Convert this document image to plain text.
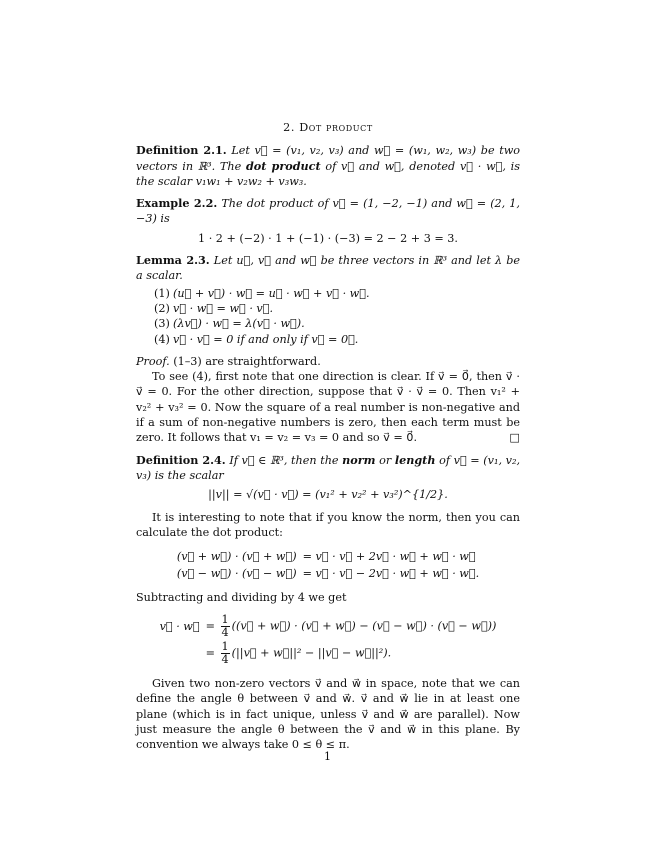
2. Dot product
Definition 2.1. Let v⃗ = (v₁, v₂, v₃) and w⃗ = (w₁, w₂, w₃) be two vectors in ℝ³. The dot product of v⃗ and w⃗, denoted v⃗ · w⃗, is the scalar v₁w₁ + v₂w₂ + v₃w₃.
Example 2.2. The dot product of v⃗ = (1, −2, −1) and w⃗ = (2, 1, −3) is
1 · 2 + (−2) · 1 + (−1) · (−3) = 2 − 2 + 3 = 3.
Lemma 2.3. Let u⃗, v⃗ and w⃗ be three vectors in ℝ³ and let λ be a scalar.
(1) (u⃗ + v⃗) · w⃗ = u⃗ · w⃗ + v⃗ · w⃗.
(2) v⃗ · w⃗ = w⃗ · v⃗.
(3) (λv⃗) · w⃗ = λ(v⃗ · w⃗).
(4) v⃗ · v⃗ = 0 if and only if v⃗ = 0⃗.
Proof. (1–3) are straightforward.
To see (4), first note that one direction is clear. If v⃗ = 0⃗, then v⃗ · v⃗ = 0. For the other direction, suppose that v⃗ · v⃗ = 0. Then v₁² + v₂² + v₃² = 0. Now the square of a real number is non-negative and if a sum of non-negative numbers is zero, then each term must be zero. It follows that v₁ = v₂ = v₃ = 0 and so v⃗ = 0⃗.	□
Definition 2.4. If v⃗ ∈ ℝ³, then the norm or length of v⃗ = (v₁, v₂, v₃) is the scalar
||v|| = √(v⃗ · v⃗) = (v₁² + v₂² + v₃²)^{1/2}.
It is interesting to note that if you know the norm, then you can calculate the dot product:
(v⃗ + w⃗) · (v⃗ + w⃗)	= v⃗ · v⃗ + 2v⃗ · w⃗ + w⃗ · w⃗
(v⃗ − w⃗) · (v⃗ − w⃗)	= v⃗ · v⃗ − 2v⃗ · w⃗ + w⃗ · w⃗.
Subtracting and dividing by 4 we get
v⃗ · w⃗	= $\frac{1}{4}$ ((v⃗ + w⃗) · (v⃗ + w⃗) − (v⃗ − w⃗) · (v⃗ − w⃗))
	= $\frac{1}{4}$ (||v⃗ + w⃗||² − ||v⃗ − w⃗||²).
Given two non-zero vectors v⃗ and w⃗ in space, note that we can define the angle θ between v⃗ and w⃗. v⃗ and w⃗ lie in at least one plane (which is in fact unique, unless v⃗ and w⃗ are parallel). Now just measure the angle θ between the v⃗ and w⃗ in this plane. By convention we always take 0 ≤ θ ≤ π.
1
